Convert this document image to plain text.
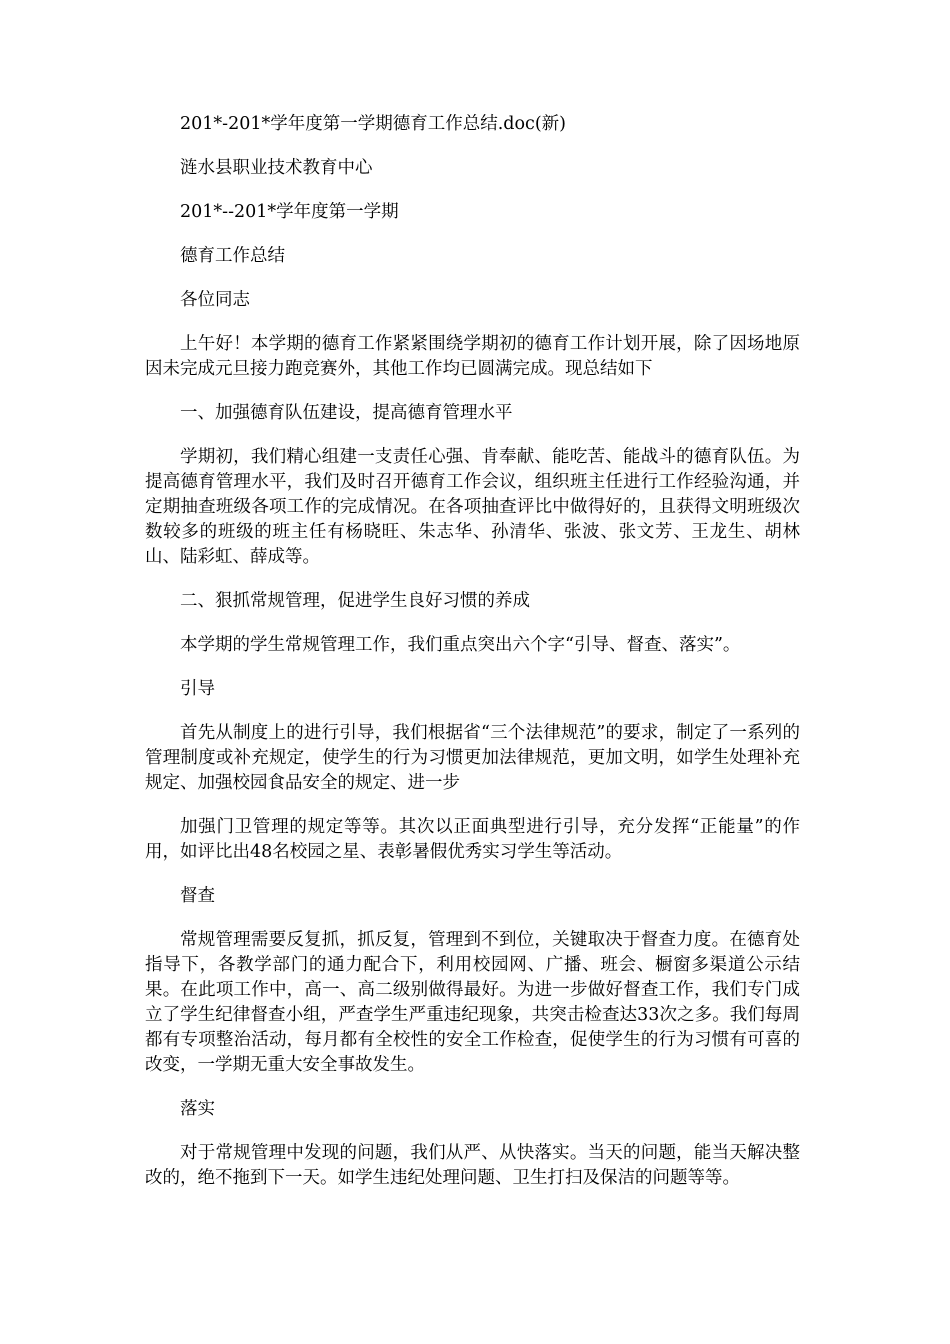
201*-201*学年度第一学期德育工作总结.doc(新)

涟水县职业技术教育中心

201*--201*学年度第一学期

德育工作总结

各位同志

上午好！本学期的德育工作紧紧围绕学期初的德育工作计划开展，除了因场地原因未完成元旦接力跑竞赛外，其他工作均已圆满完成。现总结如下

一、加强德育队伍建设，提高德育管理水平

学期初，我们精心组建一支责任心强、肯奉献、能吃苦、能战斗的德育队伍。为提高德育管理水平，我们及时召开德育工作会议，组织班主任进行工作经验沟通，并定期抽查班级各项工作的完成情况。在各项抽查评比中做得好的，且获得文明班级次数较多的班级的班主任有杨晓旺、朱志华、孙清华、张波、张文芳、王龙生、胡林山、陆彩虹、薛成等。

二、狠抓常规管理，促进学生良好习惯的养成

本学期的学生常规管理工作，我们重点突出六个字“引导、督查、落实”。

引导

首先从制度上的进行引导，我们根据省“三个法律规范”的要求，制定了一系列的管理制度或补充规定，使学生的行为习惯更加法律规范，更加文明，如学生处理补充规定、加强校园食品安全的规定、进一步

加强门卫管理的规定等等。其次以正面典型进行引导，充分发挥“正能量”的作用，如评比出48名校园之星、表彰暑假优秀实习学生等活动。

督查

常规管理需要反复抓，抓反复，管理到不到位，关键取决于督查力度。在德育处指导下，各教学部门的通力配合下，利用校园网、广播、班会、橱窗多渠道公示结果。在此项工作中，高一、高二级别做得最好。为进一步做好督查工作，我们专门成立了学生纪律督查小组，严查学生严重违纪现象，共突击检查达33次之多。我们每周都有专项整治活动，每月都有全校性的安全工作检查，促使学生的行为习惯有可喜的改变，一学期无重大安全事故发生。

落实

对于常规管理中发现的问题，我们从严、从快落实。当天的问题，能当天解决整改的，绝不拖到下一天。如学生违纪处理问题、卫生打扫及保洁的问题等等。
